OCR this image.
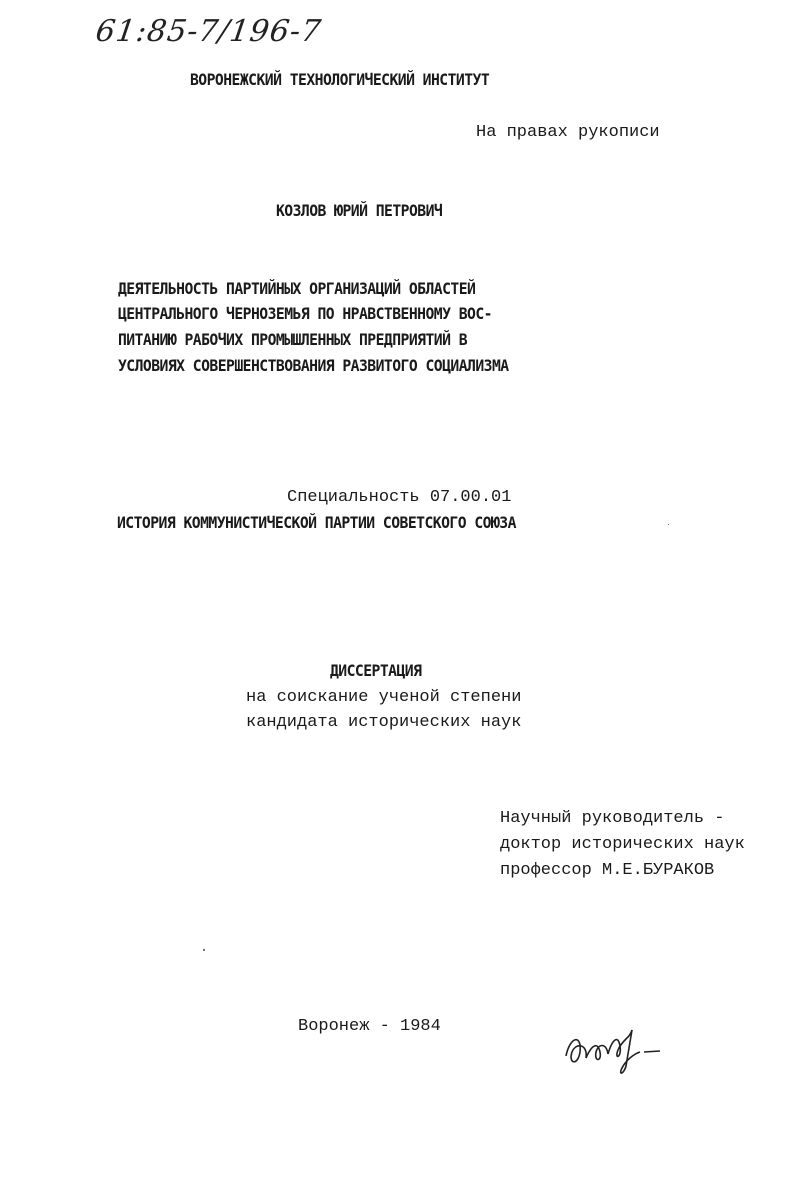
61:85-7/196-7
ВОРОНЕЖСКИЙ ТЕХНОЛОГИЧЕСКИЙ ИНСТИТУТ
На правах рукописи
КОЗЛОВ ЮРИЙ ПЕТРОВИЧ
ДЕЯТЕЛЬНОСТЬ ПАРТИЙНЫХ ОРГАНИЗАЦИЙ ОБЛАСТЕЙ
ЦЕНТРАЛЬНОГО ЧЕРНОЗЕМЬЯ ПО НРАВСТВЕННОМУ ВОС-
ПИТАНИЮ РАБОЧИХ ПРОМЫШЛЕННЫХ ПРЕДПРИЯТИЙ В
УСЛОВИЯХ СОВЕРШЕНСТВОВАНИЯ РАЗВИТОГО СОЦИАЛИЗМА
Специальность 07.00.01
ИСТОРИЯ КОММУНИСТИЧЕСКОЙ ПАРТИИ СОВЕТСКОГО СОЮЗА
ДИССЕРТАЦИЯ
на соискание ученой степени
кандидата исторических наук
Научный руководитель -
доктор исторических наук
профессор М.Е.БУРАКОВ
Воронеж - 1984
